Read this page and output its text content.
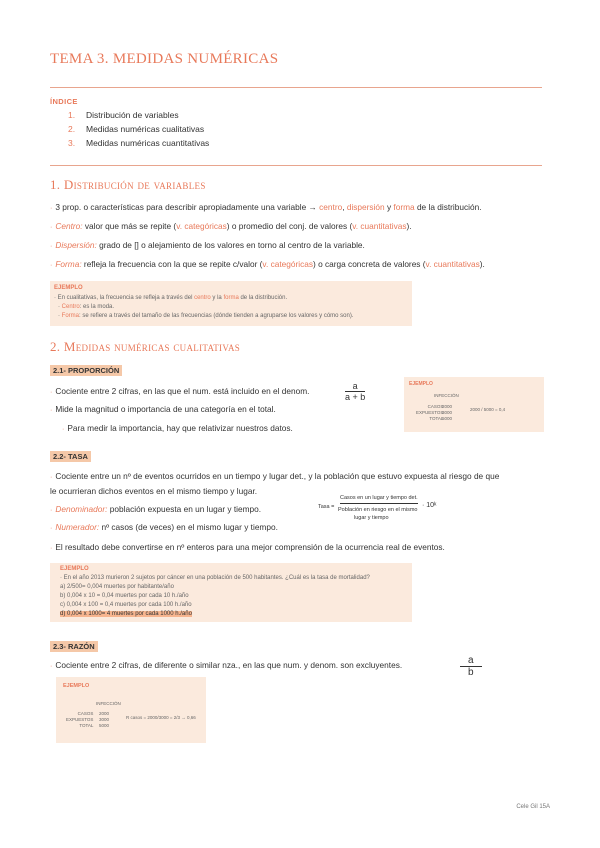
TEMA 3. MEDIDAS NUMÉRICAS
ÍNDICE
1. Distribución de variables
2. Medidas numéricas cualitativas
3. Medidas numéricas cuantitativas
1. Distribución de variables
· 3 prop. o características para describir apropiadamente una variable → centro, dispersión y forma de la distribución.
· Centro: valor que más se repite (v. categóricas) o promedio del conj. de valores (v. cuantitativas).
· Dispersión: grado de [] o alejamiento de los valores en torno al centro de la variable.
· Forma: refleja la frecuencia con la que se repite c/valor (v. categóricas) o carga concreta de valores (v. cuantitativas).
EJEMPLO
· En cualitativas, la frecuencia se refleja a través del centro y la forma de la distribución.
· Centro: es la moda.
· Forma: se refiere a través del tamaño de las frecuencias (dónde tienden a agruparse los valores y cómo son).
2. Medidas numéricas cualitativas
2.1- PROPORCIÓN
· Cociente entre 2 cifras, en las que el num. está incluido en el denom.	$\frac{a}{a + b}$
· Mide la magnitud o importancia de una categoría en el total.
· Para medir la importancia, hay que relativizar nuestros datos.
EJEMPLO
INFECCIÓN
CASOS
EXPUESTOS
TOTAL
2000
3000
5000
2000 / 5000 = 0,4
2.2- TASA
· Cociente entre un nº de eventos ocurridos en un tiempo y lugar det., y la población que estuvo expuesta al riesgo de que
le ocurrieran dichos eventos en el mismo tiempo y lugar.
· Denominador: población expuesta en un lugar y tiempo.
· Numerador: nº casos (de veces) en el mismo lugar y tiempo.
· El resultado debe convertirse en nº enteros para una mejor comprensión de la ocurrencia real de eventos.
Tasa =
Casos en un lugar y tiempo det.
Población en riesgo en el mismo
lugar y tiempo
· 10ᵏ
EJEMPLO
· En el año 2013 murieron 2 sujetos por cáncer en una población de 500 habitantes. ¿Cuál es la tasa de mortalidad?
a) 2/500= 0,004 muertes por habitante/año
b) 0,004 x 10 = 0,04 muertes por cada 10 h./año
c) 0,004 x 100 = 0,4 muertes por cada 100 h./año
d) 0,004 x 1000= 4 muertes por cada 1000 h./año
2.3- RAZÓN
· Cociente entre 2 cifras, de diferente o similar nza., en las que num. y denom. son excluyentes.	$\frac{a}{b}$
EJEMPLO
INFECCIÓN
CASOS
EXPUESTOS
TOTAL
2000
3000
5000
R casos = 2000/3000 = 2/3 → 0,66
Cele Gil 15A
